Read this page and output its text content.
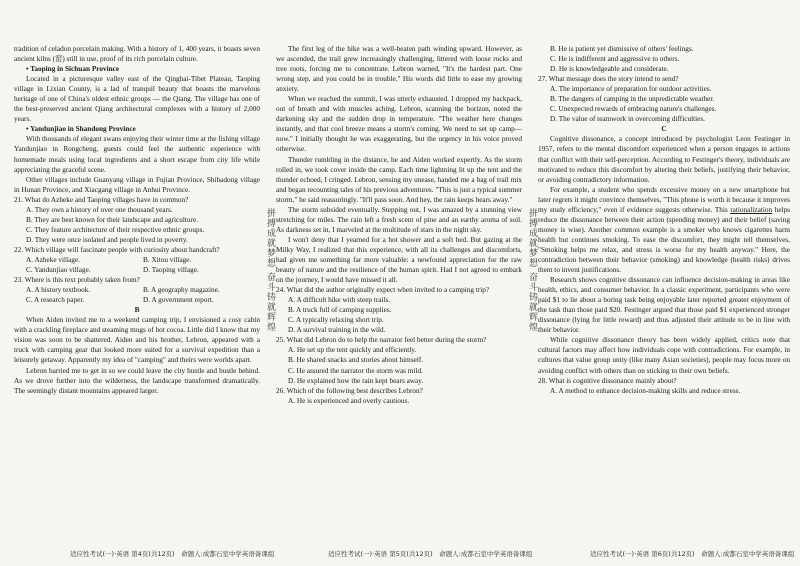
tradition of celadon porcelain making. With a history of 1, 400 years, it boasts seven ancient kilns (窑) still in use, proof of its rich porcelain culture.

• Taoping in Sichuan Province

Located in a picturesque valley east of the Qinghai-Tibet Plateau, Taoping village in Lixian County, is a lad of tranquil beauty that boasts the marvelous heritage of one of China's oldest ethnic groups — the Qiang. The village has one of the best-preserved ancient Qiang architectural complexes with a history of 2,000 years.

• Yandunjiao in Shandong Province

With thousands of elegant swans enjoying their winter time at the fishing village Yandunjiao in Rongcheng, guests could feel the authentic experience with homemade meals using local ingredients and a short escape from city life while appreciating the graceful scene.

Other villages include Guanyang village in Fujian Province, Shibadong village in Hunan Province, and Xiacgang village in Anhui Province.

21. What do Azheke and Taoping villages have in common?

A. They own a history of over one thousand years.

B. They are best known for their landscape and agriculture.

C. They feature architecture of their respective ethnic groups.

D. They were once isolated and people lived in poverty.

22. Which village will fascinate people with curiosity about handcraft?

A. Azheke village.	B. Xitou village.
C. Yandunjiao village.	D. Taoping village.

23. Where is this text probably taken from?

A. A history textbook.	B. A geography magazine.
C. A research paper.	D. A government report.

B

When Aiden invited me to a weekend camping trip, I envisioned a cosy cabin with a crackling fireplace and steaming mugs of hot cocoa. Little did I know that my vision was soon to be shattered. Aiden and his brother, Lebron, appeared with a truck with camping gear that looked more suited for a survival expedition than a leisurely getaway. Apparently my idea of "camping" and theirs were worlds apart.

Lebron barried me to get in so we could leave the city hustle and bustle behind. As we drove further into the wilderness, the landscape transformed dramatically. The seemingly distant mountains appeared larger.

拼搏成就梦想 奋斗铸就辉煌

The first leg of the hike was a well-beaten path winding upward. However, as we ascended, the trail grew increasingly challenging, littered with loose rocks and tree roots, forcing me to concentrate. Lebron warned, "It's the hardest part. One wrong step, and you could be in trouble." His words did little to ease my growing anxiety.

When we reached the summit, I was utterly exhausted. I dropped my backpack, out of breath and with muscles aching. Lebron, scanning the horizon, noted the darkening sky and the sudden drop in temperature. "The weather here changes instantly, and that cool breeze means a storm's coming. We need to set up camp—now." I initially thought he was exaggerating, but the urgency in his voice proved otherwise.

Thunder rumbling in the distance, he and Aiden worked expertly. As the storm rolled in, we took cover inside the camp. Each time lightning lit up the tent and the thunder echoed, I cringed. Lebron, sensing my unease, handed me a bag of trail mix and began recounting tales of his previous adventures. "This is just a typical summer storm," he said reassuringly. "It'll pass soon. And hey, the rain keeps bears away."

The storm subsided eventually. Stepping out, I was amazed by a stunning view stretching for miles. The rain left a fresh scent of pine and an earthy aroma of soil. As darkness set in, I marveled at the multitude of stars in the night sky.

I won't deny that I yearned for a hot shower and a soft bed. But gazing at the Milky Way, I realized that this experience, with all its challenges and discomforts, had given me something far more valuable: a newfound appreciation for the raw beauty of nature and the resilience of the human spirit. Had I not agreed to embark on the journey, I would have missed it all.

24. What did the author originally expect when invited to a camping trip?

A. A difficult hike with steep trails.

B. A truck full of camping supplies.

C. A typically relaxing short trip.

D. A survival training in the wild.

25. What did Lebron do to help the narrator feel better during the storm?

A. He set up the tent quickly and efficiently.

B. He shared snacks and stories about himself.

C. He assured the narrator the storm was mild.

D. He explained how the rain kept bears away.

26. Which of the following best describes Lebron?

A. He is experienced and overly cautious.

拼搏成就梦想 奋斗铸就辉煌

B. He is patient yet dismissive of others' feelings.

C. He is indifferent and aggressive to others.

D. He is knowledgeable and considerate.

27. What message does the story intend to send?

A. The importance of preparation for outdoor activities.

B. The dangers of camping in the unpredictable weather.

C. Unexpected rewards of embracing nature's challenges.

D. The value of teamwork in overcoming difficulties.

C

Cognitive dissonance, a concept introduced by psychologist Leon Festinger in 1957, refers to the mental discomfort experienced when a person engages in actions that conflict with their self-perception. According to Festinger's theory, individuals are motivated to reduce this discomfort by altering their beliefs, justifying their behavior, or avoiding contradictory information.

For example, a student who spends excessive money on a new smartphone but later regrets it might convince themselves, "This phone is worth it because it improves my study efficiency," even if evidence suggests otherwise. This rationalization helps reduce the dissonance between their action (spending money) and their belief (saving money is wise). Another common example is a smoker who knows cigarettes harm health but continues smoking. To ease the discomfort, they might tell themselves, "Smoking helps me relax, and stress is worse for my health anyway." Here, the contradiction between their behavior (smoking) and knowledge (health risks) drives them to invent justifications.

Research shows cognitive dissonance can influence decision-making in areas like health, ethics, and consumer behavior. In a classic experiment, participants who were paid $1 to lie about a boring task being enjoyable later reported greater enjoyment of the task than those paid $20. Festinger argued that those paid $1 experienced stronger dissonance (lying for little reward) and thus adjusted their attitude to be in line with their behavior.

While cognitive dissonance theory has been widely applied, critics note that cultural factors may affect how individuals cope with contradictions. For example, in cultures that value group unity (like many Asian societies), people may focus more on avoiding conflict with others than on sticking to their own beliefs.

28. What is cognitive dissonance mainly about?

A. A method to enhance decision-making skills and reduce stress.

适应性考试(一)·英语 第4页(共12页)　命题人:成都石室中学英语备课组	适应性考试(一)·英语 第5页(共12页)　命题人:成都石室中学英语备课组	适应性考试(一)·英语 第6页(共12页)　命题人:成都石室中学英语备课组
